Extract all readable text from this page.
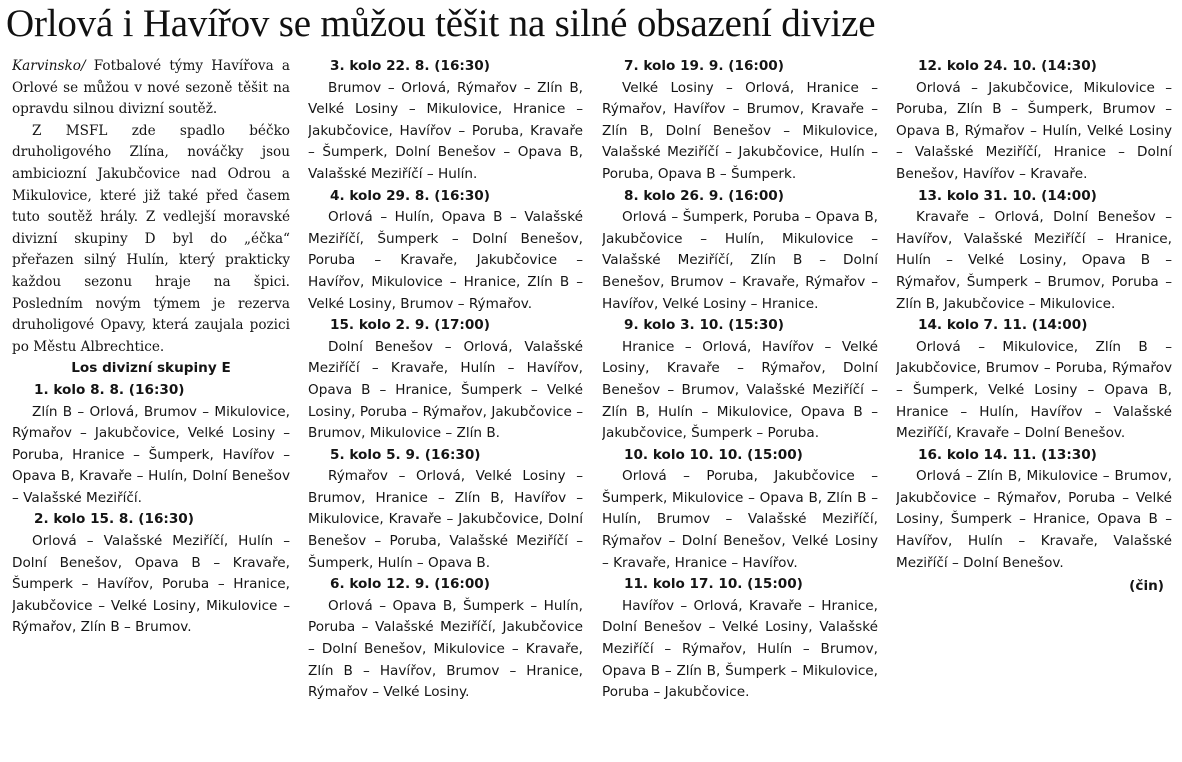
Orlová i Havířov se můžou těšit na silné obsazení divize

Karvinsko/ Fotbalové týmy Havířova a Orlové se můžou v nové sezoně těšit na opravdu silnou divizní soutěž.

Z MSFL zde spadlo béčko druholigového Zlína, nováčky jsou ambiciozní Jakubčovice nad Odrou a Mikulovice, které již také před časem tuto soutěž hrály. Z vedlejší moravské divizní skupiny D byl do „éčka“ přeřazen silný Hulín, který prakticky každou sezonu hraje na špici. Posledním novým týmem je rezerva druholigové Opavy, která zaujala pozici po Městu Albrechtice.

Los divizní skupiny E
1. kolo 8. 8. (16:30)

Zlín B – Orlová, Brumov – Mikulovice, Rýmařov – Jakubčovice, Velké Losiny – Poruba, Hranice – Šumperk, Havířov – Opava B, Kravaře – Hulín, Dolní Benešov – Valašské Meziříčí.

2. kolo 15. 8. (16:30)

Orlová – Valašské Meziříčí, Hulín – Dolní Benešov, Opava B – Kravaře, Šumperk – Havířov, Poruba – Hranice, Jakubčovice – Velké Losiny, Mikulovice – Rýmařov, Zlín B – Brumov.

3. kolo 22. 8. (16:30)

Brumov – Orlová, Rýmařov – Zlín B, Velké Losiny – Mikulovice, Hranice – Jakubčovice, Havířov – Poruba, Kravaře – Šumperk, Dolní Benešov – Opava B, Valašské Meziříčí – Hulín.

4. kolo 29. 8. (16:30)

Orlová – Hulín, Opava B – Valašské Meziříčí, Šumperk – Dolní Benešov, Poruba – Kravaře, Jakubčovice – Havířov, Mikulovice – Hranice, Zlín B – Velké Losiny, Brumov – Rýmařov.

15. kolo 2. 9. (17:00)

Dolní Benešov – Orlová, Valašské Meziříčí – Kravaře, Hulín – Havířov, Opava B – Hranice, Šumperk – Velké Losiny, Poruba – Rýmařov, Jakubčovice – Brumov, Mikulovice – Zlín B.

5. kolo 5. 9. (16:30)

Rýmařov – Orlová, Velké Losiny – Brumov, Hranice – Zlín B, Havířov – Mikulovice, Kravaře – Jakubčovice, Dolní Benešov – Poruba, Valašské Meziříčí – Šumperk, Hulín – Opava B.

6. kolo 12. 9. (16:00)

Orlová – Opava B, Šumperk – Hulín, Poruba – Valašské Meziříčí, Jakubčovice – Dolní Benešov, Mikulovice – Kravaře, Zlín B – Havířov, Brumov – Hranice, Rýmařov – Velké Losiny.

7. kolo 19. 9. (16:00)

Velké Losiny – Orlová, Hranice – Rýmařov, Havířov – Brumov, Kravaře – Zlín B, Dolní Benešov – Mikulovice, Valašské Meziříčí – Jakubčovice, Hulín – Poruba, Opava B – Šumperk.

8. kolo 26. 9. (16:00)

Orlová – Šumperk, Poruba – Opava B, Jakubčovice – Hulín, Mikulovice – Valašské Meziříčí, Zlín B – Dolní Benešov, Brumov – Kravaře, Rýmařov – Havířov, Velké Losiny – Hranice.

9. kolo 3. 10. (15:30)

Hranice – Orlová, Havířov – Velké Losiny, Kravaře – Rýmařov, Dolní Benešov – Brumov, Valašské Meziříčí – Zlín B, Hulín – Mikulovice, Opava B – Jakubčovice, Šumperk – Poruba.

10. kolo 10. 10. (15:00)

Orlová – Poruba, Jakubčovice – Šumperk, Mikulovice – Opava B, Zlín B – Hulín, Brumov – Valašské Meziříčí, Rýmařov – Dolní Benešov, Velké Losiny – Kravaře, Hranice – Havířov.

11. kolo 17. 10. (15:00)

Havířov – Orlová, Kravaře – Hranice, Dolní Benešov – Velké Losiny, Valašské Meziříčí – Rýmařov, Hulín – Brumov, Opava B – Zlín B, Šumperk – Mikulovice, Poruba – Jakubčovice.

12. kolo 24. 10. (14:30)

Orlová – Jakubčovice, Mikulovice – Poruba, Zlín B – Šumperk, Brumov – Opava B, Rýmařov – Hulín, Velké Losiny – Valašské Meziříčí, Hranice – Dolní Benešov, Havířov – Kravaře.

13. kolo 31. 10. (14:00)

Kravaře – Orlová, Dolní Benešov – Havířov, Valašské Meziříčí – Hranice, Hulín – Velké Losiny, Opava B – Rýmařov, Šumperk – Brumov, Poruba – Zlín B, Jakubčovice – Mikulovice.

14. kolo 7. 11. (14:00)

Orlová – Mikulovice, Zlín B – Jakubčovice, Brumov – Poruba, Rýmařov – Šumperk, Velké Losiny – Opava B, Hranice – Hulín, Havířov – Valašské Meziříčí, Kravaře – Dolní Benešov.

16. kolo 14. 11. (13:30)

Orlová – Zlín B, Mikulovice – Brumov, Jakubčovice – Rýmařov, Poruba – Velké Losiny, Šumperk – Hranice, Opava B – Havířov, Hulín – Kravaře, Valašské Meziříčí – Dolní Benešov.

(čin)
